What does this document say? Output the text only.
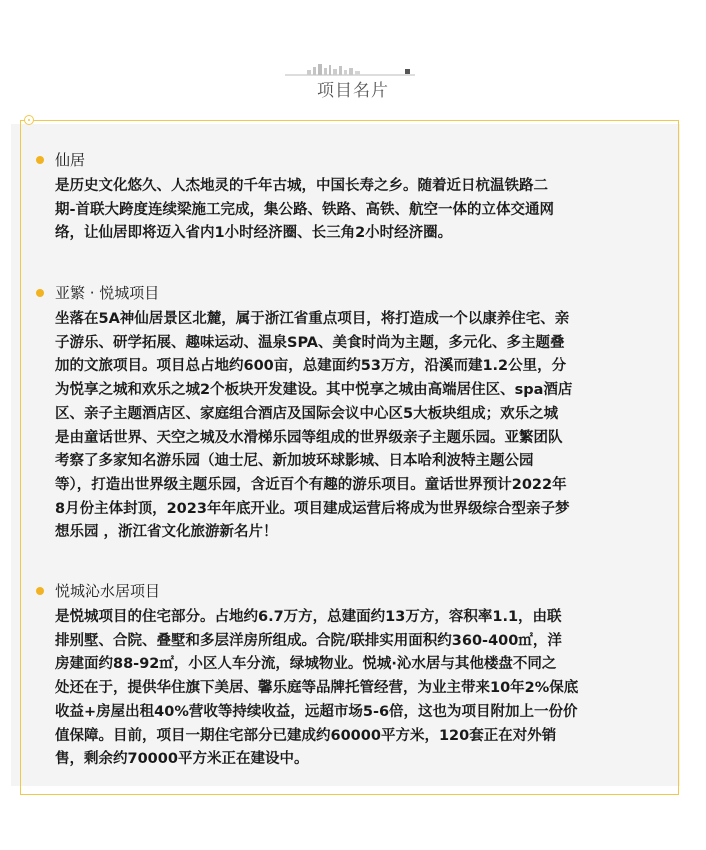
项目名片
仙居
是历史文化悠久、人杰地灵的千年古城，中国长寿之乡。随着近日杭温铁路二
期-首联大跨度连续梁施工完成，集公路、铁路、高铁、航空一体的立体交通网
络，让仙居即将迈入省内1小时经济圈、长三角2小时经济圈。
亚繁 · 悦城项目
坐落在5A神仙居景区北麓，属于浙江省重点项目，将打造成一个以康养住宅、亲
子游乐、研学拓展、趣味运动、温泉SPA、美食时尚为主题，多元化、多主题叠
加的文旅项目。项目总占地约600亩，总建面约53万方，沿溪而建1.2公里，分
为悦享之城和欢乐之城2个板块开发建设。其中悦享之城由高端居住区、spa酒店
区、亲子主题酒店区、家庭组合酒店及国际会议中心区5大板块组成；欢乐之城
是由童话世界、天空之城及水滑梯乐园等组成的世界级亲子主题乐园。亚繁团队
考察了多家知名游乐园（迪士尼、新加坡环球影城、日本哈利波特主题公园
等），打造出世界级主题乐园，含近百个有趣的游乐项目。童话世界预计2022年
8月份主体封顶，2023年年底开业。项目建成运营后将成为世界级综合型亲子梦
想乐园 ，浙江省文化旅游新名片！
悦城沁水居项目
是悦城项目的住宅部分。占地约6.7万方，总建面约13万方，容积率1.1，由联
排别墅、合院、叠墅和多层洋房所组成。合院/联排实用面积约360-400㎡，洋
房建面约88-92㎡，小区人车分流，绿城物业。悦城·沁水居与其他楼盘不同之
处还在于，提供华住旗下美居、馨乐庭等品牌托管经营，为业主带来10年2%保底
收益+房屋出租40%营收等持续收益，远超市场5-6倍，这也为项目附加上一份价
值保障。目前，项目一期住宅部分已建成约60000平方米，120套正在对外销
售，剩余约70000平方米正在建设中。
